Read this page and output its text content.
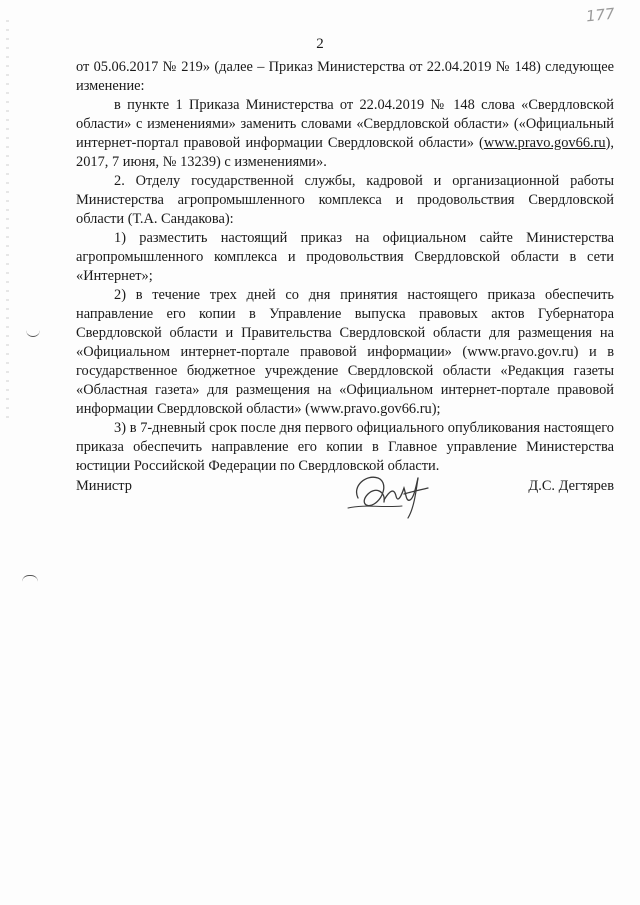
177
2

от 05.06.2017 № 219» (далее – Приказ Министерства от 22.04.2019 № 148) следующее изменение:

в пункте 1 Приказа Министерства от 22.04.2019 № 148 слова «Свердловской области» с изменениями» заменить словами «Свердловской области» («Официальный интернет-портал правовой информации Свердловской области» (www.pravo.gov66.ru), 2017, 7 июня, № 13239) с изменениями».

2. Отделу государственной службы, кадровой и организационной работы Министерства агропромышленного комплекса и продовольствия Свердловской области (Т.А. Сандакова):

1) разместить настоящий приказ на официальном сайте Министерства агропромышленного комплекса и продовольствия Свердловской области в сети «Интернет»;

2) в течение трех дней со дня принятия настоящего приказа обеспечить направление его копии в Управление выпуска правовых актов Губернатора Свердловской области и Правительства Свердловской области для размещения на «Официальном интернет-портале правовой информации» (www.pravo.gov.ru) и в государственное бюджетное учреждение Свердловской области «Редакция газеты «Областная газета» для размещения на «Официальном интернет-портале правовой информации Свердловской области» (www.pravo.gov66.ru);

3) в 7-дневный срок после дня первого официального опубликования настоящего приказа обеспечить направление его копии в Главное управление Министерства юстиции Российской Федерации по Свердловской области.

Министр	Д.С. Дегтярев
